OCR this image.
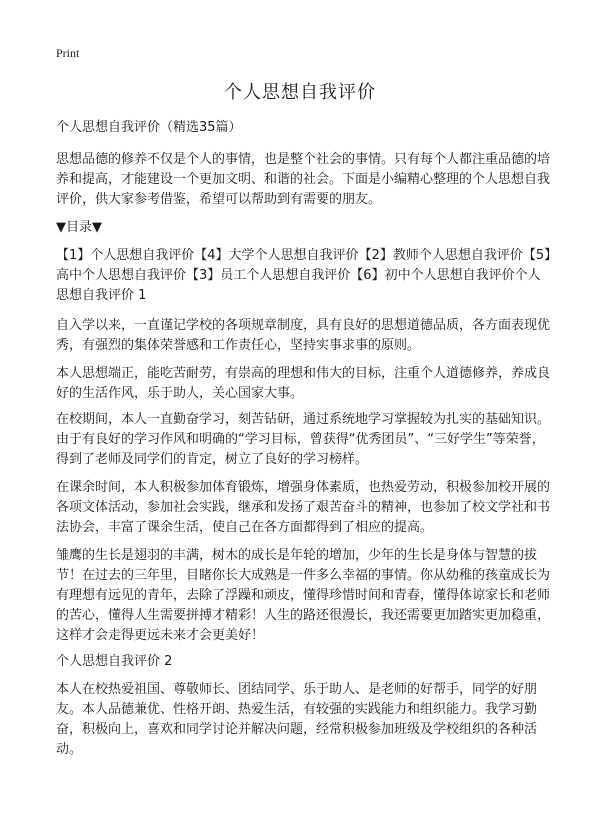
Print
个人思想自我评价

个人思想自我评价（精选35篇）

思想品德的修养不仅是个人的事情，也是整个社会的事情。只有每个人都注重品德的培养和提高，才能建设一个更加文明、和谐的社会。下面是小编精心整理的个人思想自我评价，供大家参考借鉴，希望可以帮助到有需要的朋友。

▼目录▼

【1】个人思想自我评价【4】大学个人思想自我评价【2】教师个人思想自我评价【5】高中个人思想自我评价【3】员工个人思想自我评价【6】初中个人思想自我评价个人思想自我评价 1

自入学以来，一直谨记学校的各项规章制度，具有良好的思想道德品质，各方面表现优秀，有强烈的集体荣誉感和工作责任心，坚持实事求事的原则。

本人思想端正，能吃苦耐劳，有崇高的理想和伟大的目标，注重个人道德修养，养成良好的生活作风，乐于助人，关心国家大事。

在校期间，本人一直勤奋学习，刻苦钻研，通过系统地学习掌握较为扎实的基础知识。由于有良好的学习作风和明确的“学习目标，曾获得“优秀团员”、“三好学生”等荣誉，得到了老师及同学们的肯定，树立了良好的学习榜样。

在课余时间，本人积极参加体育锻炼，增强身体素质，也热爱劳动，积极参加校开展的各项文体活动，参加社会实践，继承和发扬了艰苦奋斗的精神，也参加了校文学社和书法协会，丰富了课余生活，使自己在各方面都得到了相应的提高。

雏鹰的生长是翅羽的丰满，树木的成长是年轮的增加，少年的生长是身体与智慧的拔节！在过去的三年里，目睹你长大成熟是一件多么幸福的事情。你从幼稚的孩童成长为有理想有远见的青年，去除了浮躁和顽皮，懂得珍惜时间和青春，懂得体谅家长和老师的苦心，懂得人生需要拼搏才精彩！人生的路还很漫长，我还需要更加踏实更加稳重，这样才会走得更远未来才会更美好！

个人思想自我评价 2

本人在校热爱祖国、尊敬师长、团结同学、乐于助人、是老师的好帮手，同学的好朋友。本人品德兼优、性格开朗、热爱生活，有较强的实践能力和组织能力。我学习勤奋，积极向上，喜欢和同学讨论并解决问题，经常积极参加班级及学校组织的各种活动。
